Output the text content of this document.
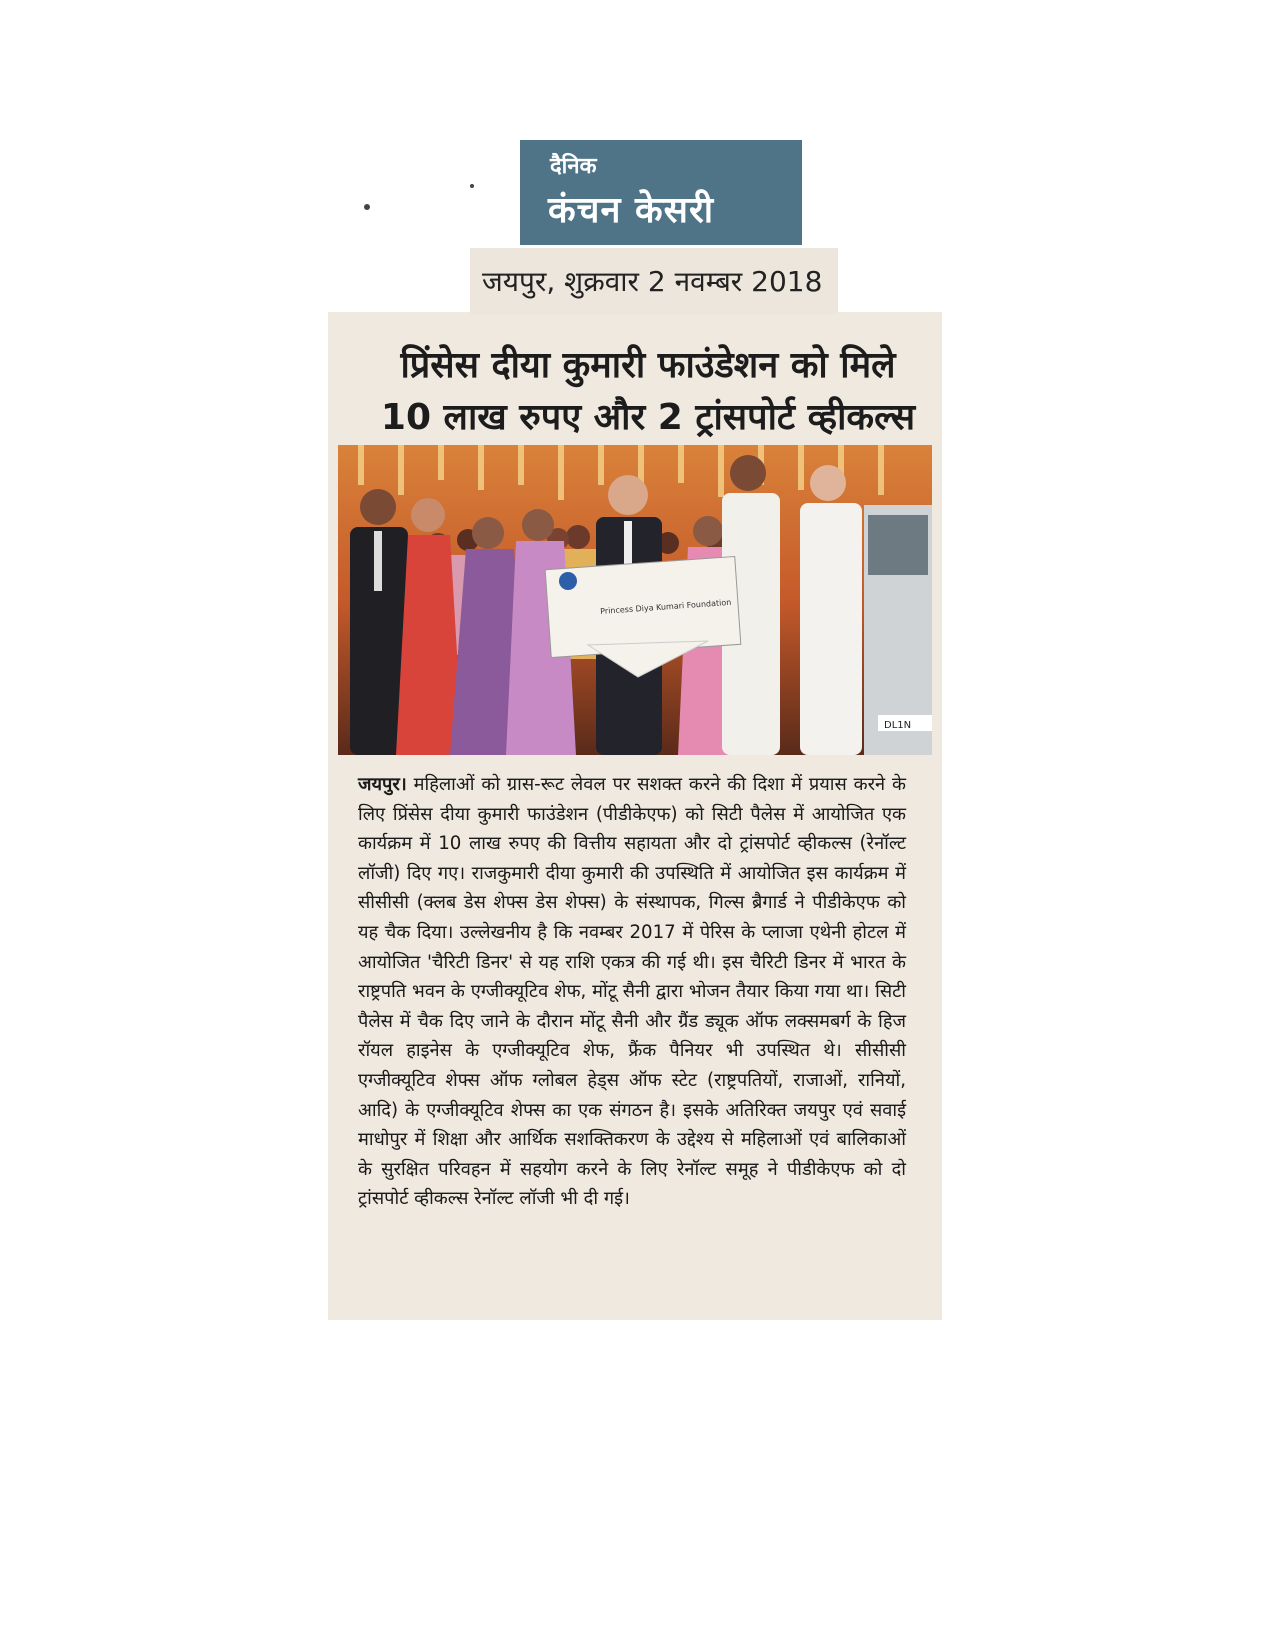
दैनिक
कंचन केसरी
जयपुर, शुक्रवार 2 नवम्बर 2018
प्रिंसेस दीया कुमारी फाउंडेशन को मिले
10 लाख रुपए और 2 ट्रांसपोर्ट व्हीकल्स
DL1N
Princess Diya Kumari Foundation
जयपुर। महिलाओं को ग्रास-रूट लेवल पर सशक्त करने की दिशा में प्रयास करने के लिए प्रिंसेस दीया कुमारी फाउंडेशन (पीडीकेएफ) को सिटी पैलेस में आयोजित एक कार्यक्रम में 10 लाख रुपए की वित्तीय सहायता और दो ट्रांसपोर्ट व्हीकल्स (रेनॉल्ट लॉजी) दिए गए। राजकुमारी दीया कुमारी की उपस्थिति में आयोजित इस कार्यक्रम में सीसीसी (क्लब डेस शेफ्स डेस शेफ्स) के संस्थापक, गिल्स ब्रैगार्ड ने पीडीकेएफ को यह चैक दिया। उल्लेखनीय है कि नवम्बर 2017 में पेरिस के प्लाजा एथेनी होटल में आयोजित 'चैरिटी डिनर' से यह राशि एकत्र की गई थी। इस चैरिटी डिनर में भारत के राष्ट्रपति भवन के एग्जीक्यूटिव शेफ, मोंटू सैनी द्वारा भोजन तैयार किया गया था। सिटी पैलेस में चैक दिए जाने के दौरान मोंटू सैनी और ग्रैंड ड्यूक ऑफ लक्समबर्ग के हिज रॉयल हाइनेस के एग्जीक्यूटिव शेफ, फ्रैंक पैनियर भी उपस्थित थे। सीसीसी एग्जीक्यूटिव शेफ्स ऑफ ग्लोबल हेड्स ऑफ स्टेट (राष्ट्रपतियों, राजाओं, रानियों, आदि) के एग्जीक्यूटिव शेफ्स का एक संगठन है। इसके अतिरिक्त जयपुर एवं सवाई माधोपुर में शिक्षा और आर्थिक सशक्तिकरण के उद्देश्य से महिलाओं एवं बालिकाओं के सुरक्षित परिवहन में सहयोग करने के लिए रेनॉल्ट समूह ने पीडीकेएफ को दो ट्रांसपोर्ट व्हीकल्स रेनॉल्ट लॉजी भी दी गई।
